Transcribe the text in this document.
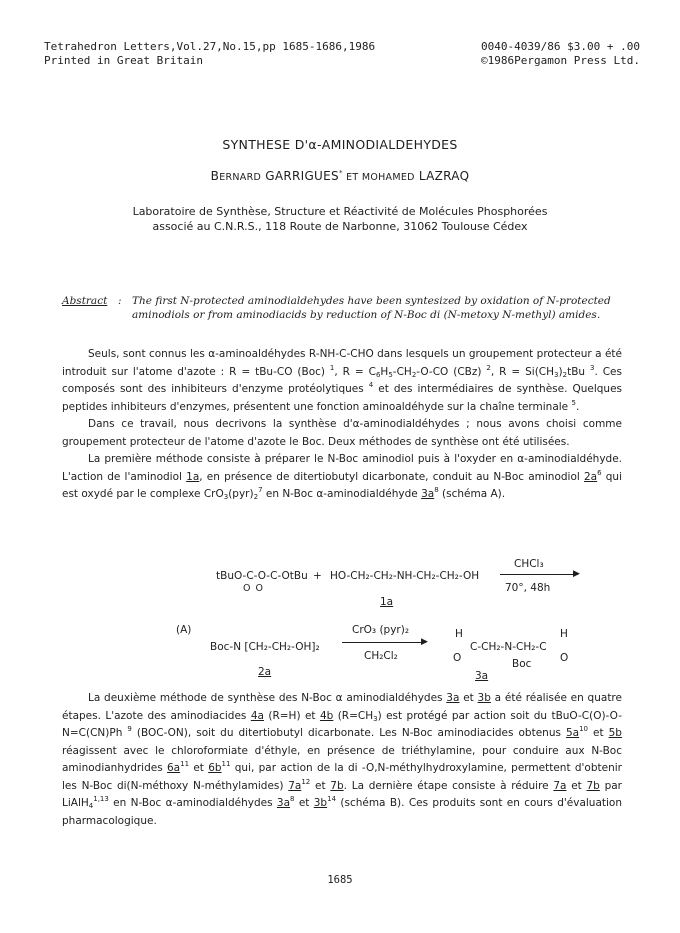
Tetrahedron Letters,Vol.27,No.15,pp 1685-1686,1986	0040-4039/86 $3.00 + .00
Printed in Great Britain	©1986Pergamon Press Ltd.
SYNTHESE D'α-AMINODIALDEHYDES
BERNARD GARRIGUES* ET MOHAMED LAZRAQ
Laboratoire de Synthèse, Structure et Réactivité de Molécules Phosphorées
associé au C.N.R.S., 118 Route de Narbonne, 31062 Toulouse Cédex
Abstract : The first N-protected aminodialdehydes have been syntesized by oxidation of N-protected aminodiols or from aminodiacids by reduction of N-Boc di (N-metoxy N-methyl) amides.

Seuls, sont connus les α-aminoaldéhydes R-NH-C-CHO dans lesquels un groupement protecteur a été introduit sur l'atome d'azote : R = tBu-CO (Boc) $^1$, $R = C_6H_5-CH_2-O-CO$ (CBz) $^2$, $R = Si(CH_3)_2tBu$ $^3$. Ces composés sont des inhibiteurs d'enzyme protéolytiques $^4$ et des intermédiaires de synthèse. Quelques peptides inhibiteurs d'enzymes, présentent une fonction aminoaldéhyde sur la chaîne terminale $^5$.

Dans ce travail, nous decrivons la synthèse d'α-aminodialdéhydes ; nous avons choisi comme groupement protecteur de l'atome d'azote le Boc. Deux méthodes de synthèse ont été utilisées.

La première méthode consiste à préparer le N-Boc aminodiol puis à l'oxyder en α-aminodialdéhyde. L'action de l'aminodiol 1a, en présence de ditertiobutyl dicarbonate, conduit au N-Boc aminodiol $2a^6$ qui est oxydé par le complexe $CrO_3(pyr)_2^7$ en N-Boc α-aminodialdéhyde $3a^8$ (schéma A).

tBuO-C-O-C-OtBu
O O
+ HO-CH₂-CH₂-NH-CH₂-CH₂-OH
CHCl₃
▶
70°, 48h
1a
(A)
Boc-N [CH₂-CH₂-OH]₂
2a
CrO₃ (pyr)₂
▶
CH₂Cl₂
H
O
C-CH₂-N-CH₂-C
H
O
Boc
3a

La deuxième méthode de synthèse des N-Boc α aminodialdéhydes 3a et 3b a été réalisée en quatre étapes. L'azote des aminodiacides 4a (R=H) et 4b $(R=CH_3)$ est protégé par action soit du tBuO-C(O)-O-N=C(CN)Ph $^9$ (BOC-ON), soit du ditertiobutyl dicarbonate. Les N-Boc aminodiacides obtenus $5a^{10}$ et 5b réagissent avec le chloroformiate d'éthyle, en présence de triéthylamine, pour conduire aux N-Boc aminodianhydrides $6a^{11}$ et $6b^{11}$ qui, par action de la di -O,N-méthylhydroxylamine, permettent d'obtenir les N-Boc di(N-méthoxy N-méthylamides) $7a^{12}$ et 7b. La dernière étape consiste à réduire 7a et 7b par LiAlH$_4^{1,13}$ en N-Boc α-aminodialdéhydes $3a^8$ et $3b^{14}$ (schéma B). Ces produits sont en cours d'évaluation pharmacologique.

1685
